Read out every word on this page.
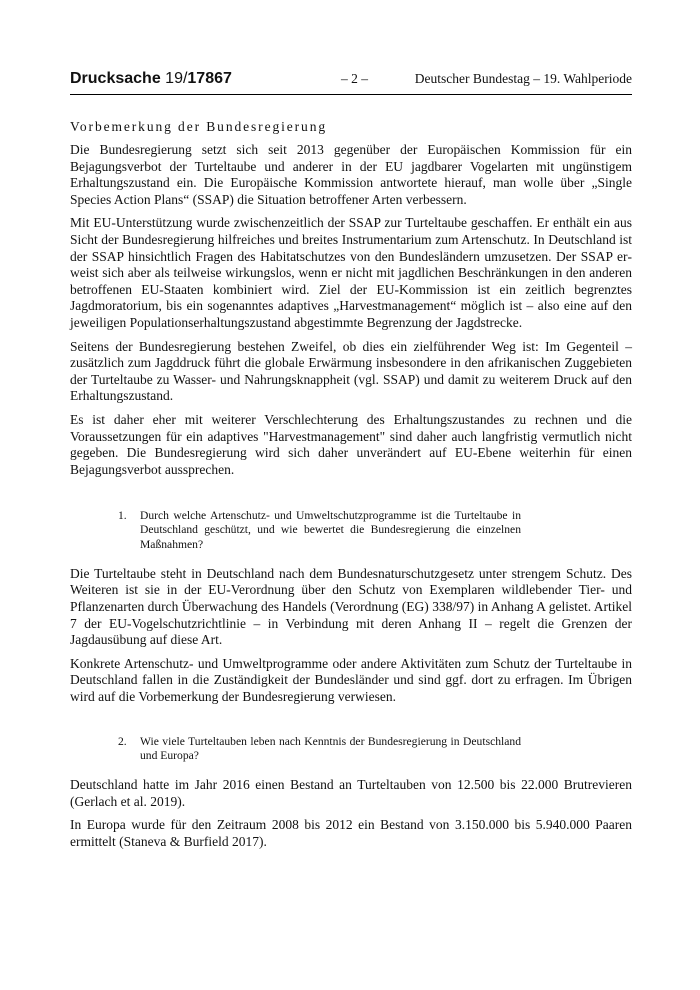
Drucksache 19/17867	– 2 –	Deutscher Bundestag – 19. Wahlperiode
Vorbemerkung der Bundesregierung

Die Bundesregierung setzt sich seit 2013 gegenüber der Europäischen Kommission für ein Bejagungsverbot der Turteltaube und anderer in der EU jagdbarer Vogelarten mit ungünstigem Erhaltungszustand ein. Die Europäische Kommission antwortete hierauf, man wolle über „Single Species Action Plans“ (SSAP) die Situation betroffener Arten verbessern.

Mit EU-Unterstützung wurde zwischenzeitlich der SSAP zur Turteltaube geschaffen. Er enthält ein aus Sicht der Bundesregierung hilfreiches und breites Instrumentarium zum Artenschutz. In Deutschland ist der SSAP hinsichtlich Fragen des Habitatschutzes von den Bundesländern umzusetzen. Der SSAP erweist sich aber als teilweise wirkungslos, wenn er nicht mit jagdlichen Beschränkungen in den anderen betroffenen EU-Staaten kombiniert wird. Ziel der EU-Kommission ist ein zeitlich begrenztes Jagdmoratorium, bis ein sogenanntes adaptives „Harvestmanagement“ möglich ist – also eine auf den jeweiligen Populationserhaltungszustand abgestimmte Begrenzung der Jagdstrecke.

Seitens der Bundesregierung bestehen Zweifel, ob dies ein zielführender Weg ist: Im Gegenteil – zusätzlich zum Jagddruck führt die globale Erwärmung insbesondere in den afrikanischen Zuggebieten der Turteltaube zu Wasser- und Nahrungsknappheit (vgl. SSAP) und damit zu weiterem Druck auf den Erhaltungszustand.

Es ist daher eher mit weiterer Verschlechterung des Erhaltungszustandes zu rechnen und die Voraussetzungen für ein adaptives "Harvestmanagement" sind daher auch langfristig vermutlich nicht gegeben. Die Bundesregierung wird sich daher unverändert auf EU-Ebene weiterhin für einen Bejagungsverbot aussprechen.

1.	Durch welche Artenschutz- und Umweltschutzprogramme ist die Turteltaube in Deutschland geschützt, und wie bewertet die Bundesregierung die einzelnen Maßnahmen?

Die Turteltaube steht in Deutschland nach dem Bundesnaturschutzgesetz unter strengem Schutz. Des Weiteren ist sie in der EU-Verordnung über den Schutz von Exemplaren wildlebender Tier- und Pflanzenarten durch Überwachung des Handels (Verordnung (EG) 338/97) in Anhang A gelistet. Artikel 7 der EU-Vogelschutzrichtlinie – in Verbindung mit deren Anhang II – regelt die Grenzen der Jagdausübung auf diese Art.

Konkrete Artenschutz- und Umweltprogramme oder andere Aktivitäten zum Schutz der Turteltaube in Deutschland fallen in die Zuständigkeit der Bundesländer und sind ggf. dort zu erfragen. Im Übrigen wird auf die Vorbemerkung der Bundesregierung verwiesen.

2.	Wie viele Turteltauben leben nach Kenntnis der Bundesregierung in Deutschland und Europa?

Deutschland hatte im Jahr 2016 einen Bestand an Turteltauben von 12.500 bis 22.000 Brutrevieren (Gerlach et al. 2019).

In Europa wurde für den Zeitraum 2008 bis 2012 ein Bestand von 3.150.000 bis 5.940.000 Paaren ermittelt (Staneva & Burfield 2017).
